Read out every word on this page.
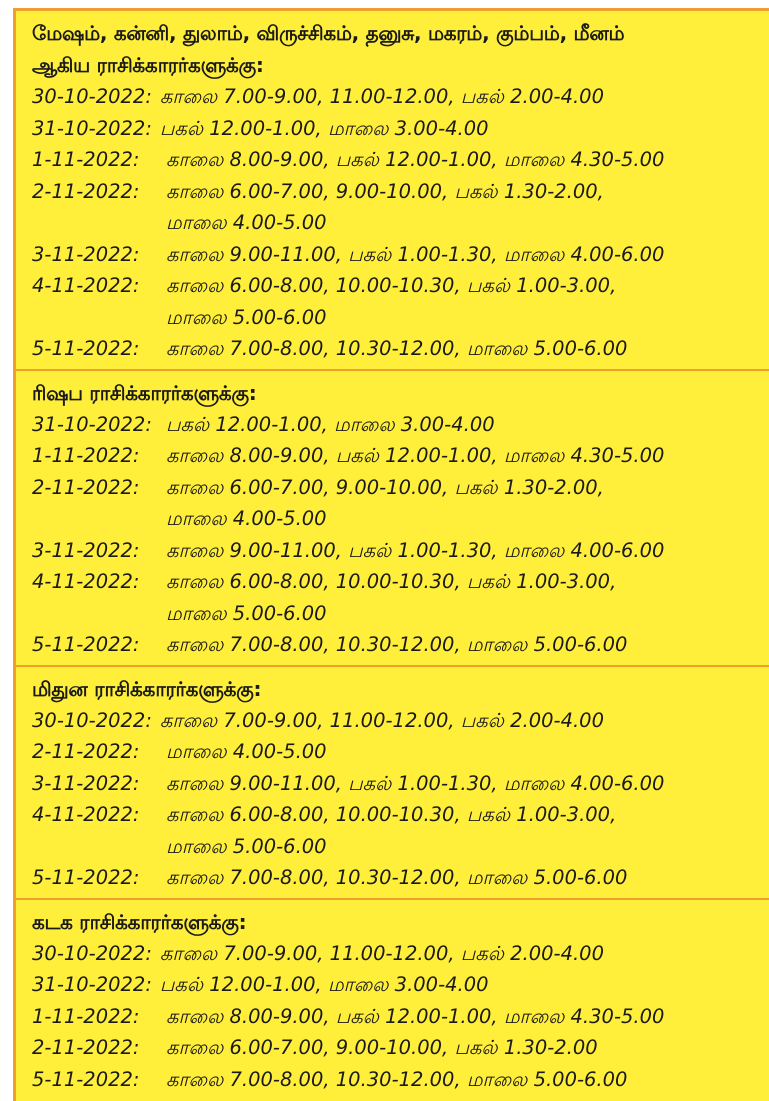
மேஷம், கன்னி, துலாம், விருச்சிகம், தனுசு, மகரம், கும்பம், மீனம்
ஆகிய ராசிக்காரர்களுக்கு:
30-10-2022: காலை 7.00-9.00, 11.00-12.00, பகல் 2.00-4.00
31-10-2022: பகல் 12.00-1.00, மாலை 3.00-4.00
1-11-2022:	காலை 8.00-9.00, பகல் 12.00-1.00, மாலை 4.30-5.00
2-11-2022:	காலை 6.00-7.00, 9.00-10.00, பகல் 1.30-2.00,
மாலை 4.00-5.00
3-11-2022:	காலை 9.00-11.00, பகல் 1.00-1.30, மாலை 4.00-6.00
4-11-2022:	காலை 6.00-8.00, 10.00-10.30, பகல் 1.00-3.00,
மாலை 5.00-6.00
5-11-2022:	காலை 7.00-8.00, 10.30-12.00, மாலை 5.00-6.00
ரிஷப ராசிக்காரர்களுக்கு:
31-10-2022: பகல் 12.00-1.00, மாலை 3.00-4.00
1-11-2022:	காலை 8.00-9.00, பகல் 12.00-1.00, மாலை 4.30-5.00
2-11-2022:	காலை 6.00-7.00, 9.00-10.00, பகல் 1.30-2.00,
மாலை 4.00-5.00
3-11-2022:	காலை 9.00-11.00, பகல் 1.00-1.30, மாலை 4.00-6.00
4-11-2022:	காலை 6.00-8.00, 10.00-10.30, பகல் 1.00-3.00,
மாலை 5.00-6.00
5-11-2022:	காலை 7.00-8.00, 10.30-12.00, மாலை 5.00-6.00
மிதுன ராசிக்காரர்களுக்கு:
30-10-2022: காலை 7.00-9.00, 11.00-12.00, பகல் 2.00-4.00
2-11-2022:	மாலை 4.00-5.00
3-11-2022:	காலை 9.00-11.00, பகல் 1.00-1.30, மாலை 4.00-6.00
4-11-2022:	காலை 6.00-8.00, 10.00-10.30, பகல் 1.00-3.00,
மாலை 5.00-6.00
5-11-2022:	காலை 7.00-8.00, 10.30-12.00, மாலை 5.00-6.00
கடக ராசிக்காரர்களுக்கு:
30-10-2022: காலை 7.00-9.00, 11.00-12.00, பகல் 2.00-4.00
31-10-2022: பகல் 12.00-1.00, மாலை 3.00-4.00
1-11-2022:	காலை 8.00-9.00, பகல் 12.00-1.00, மாலை 4.30-5.00
2-11-2022:	காலை 6.00-7.00, 9.00-10.00, பகல் 1.30-2.00
5-11-2022:	காலை 7.00-8.00, 10.30-12.00, மாலை 5.00-6.00
